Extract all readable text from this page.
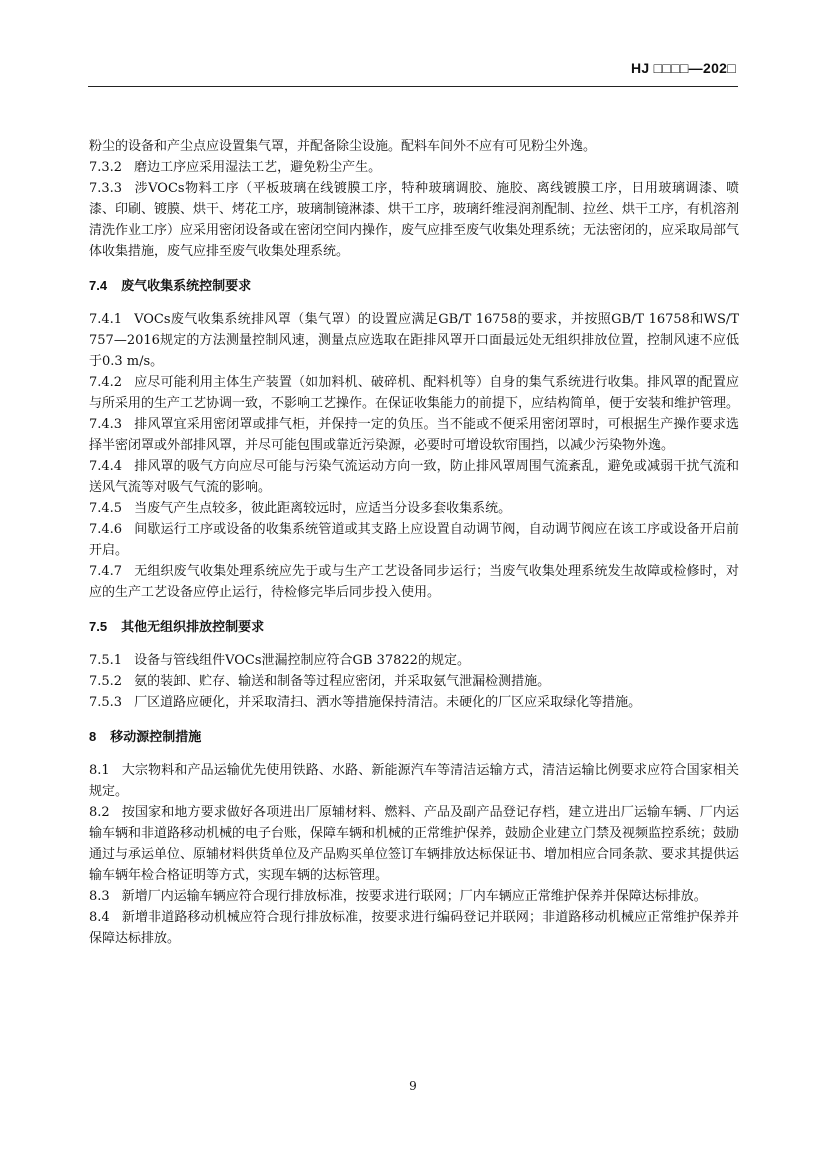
HJ □□□□—202□

粉尘的设备和产尘点应设置集气罩，并配备除尘设施。配料车间外不应有可见粉尘外逸。

7.3.2 磨边工序应采用湿法工艺，避免粉尘产生。

7.3.3 涉VOCs物料工序（平板玻璃在线镀膜工序，特种玻璃调胶、施胶、离线镀膜工序，日用玻璃调漆、喷漆、印刷、镀膜、烘干、烤花工序，玻璃制镜淋漆、烘干工序，玻璃纤维浸润剂配制、拉丝、烘干工序，有机溶剂清洗作业工序）应采用密闭设备或在密闭空间内操作，废气应排至废气收集处理系统；无法密闭的，应采取局部气体收集措施，废气应排至废气收集处理系统。

7.4 废气收集系统控制要求

7.4.1 VOCs废气收集系统排风罩（集气罩）的设置应满足GB/T 16758的要求，并按照GB/T 16758和WS/T 757—2016规定的方法测量控制风速，测量点应选取在距排风罩开口面最远处无组织排放位置，控制风速不应低于0.3 m/s。

7.4.2 应尽可能利用主体生产装置（如加料机、破碎机、配料机等）自身的集气系统进行收集。排风罩的配置应与所采用的生产工艺协调一致，不影响工艺操作。在保证收集能力的前提下，应结构简单，便于安装和维护管理。

7.4.3 排风罩宜采用密闭罩或排气柜，并保持一定的负压。当不能或不便采用密闭罩时，可根据生产操作要求选择半密闭罩或外部排风罩，并尽可能包围或靠近污染源，必要时可增设软帘围挡，以减少污染物外逸。

7.4.4 排风罩的吸气方向应尽可能与污染气流运动方向一致，防止排风罩周围气流紊乱，避免或减弱干扰气流和送风气流等对吸气气流的影响。

7.4.5 当废气产生点较多，彼此距离较远时，应适当分设多套收集系统。

7.4.6 间歇运行工序或设备的收集系统管道或其支路上应设置自动调节阀，自动调节阀应在该工序或设备开启前开启。

7.4.7 无组织废气收集处理系统应先于或与生产工艺设备同步运行；当废气收集处理系统发生故障或检修时，对应的生产工艺设备应停止运行，待检修完毕后同步投入使用。

7.5 其他无组织排放控制要求

7.5.1 设备与管线组件VOCs泄漏控制应符合GB 37822的规定。

7.5.2 氨的装卸、贮存、输送和制备等过程应密闭，并采取氨气泄漏检测措施。

7.5.3 厂区道路应硬化，并采取清扫、洒水等措施保持清洁。未硬化的厂区应采取绿化等措施。

8 移动源控制措施

8.1 大宗物料和产品运输优先使用铁路、水路、新能源汽车等清洁运输方式，清洁运输比例要求应符合国家相关规定。

8.2 按国家和地方要求做好各项进出厂原辅材料、燃料、产品及副产品登记存档，建立进出厂运输车辆、厂内运输车辆和非道路移动机械的电子台账，保障车辆和机械的正常维护保养，鼓励企业建立门禁及视频监控系统；鼓励通过与承运单位、原辅材料供货单位及产品购买单位签订车辆排放达标保证书、增加相应合同条款、要求其提供运输车辆年检合格证明等方式，实现车辆的达标管理。

8.3 新增厂内运输车辆应符合现行排放标准，按要求进行联网；厂内车辆应正常维护保养并保障达标排放。

8.4 新增非道路移动机械应符合现行排放标准，按要求进行编码登记并联网；非道路移动机械应正常维护保养并保障达标排放。

9
